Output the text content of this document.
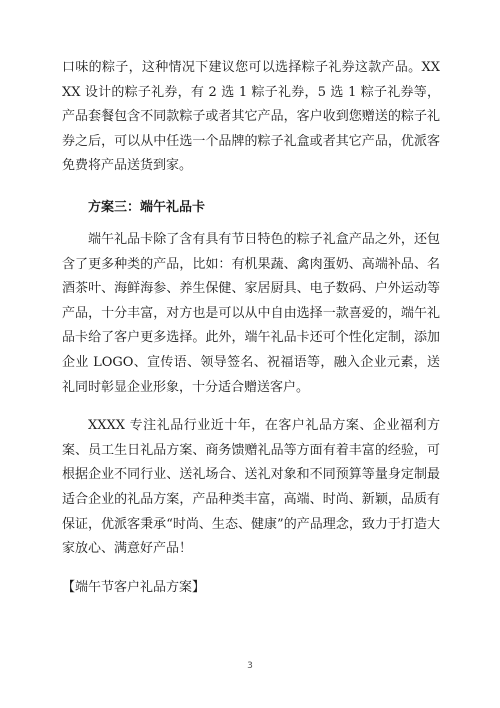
口味的粽子，这种情况下建议您可以选择粽子礼券这款产品。XXXX 设计的粽子礼券，有 2 选 1 粽子礼券，5 选 1 粽子礼券等，产品套餐包含不同款粽子或者其它产品，客户收到您赠送的粽子礼券之后，可以从中任选一个品牌的粽子礼盒或者其它产品，优派客免费将产品送货到家。

方案三：端午礼品卡

端午礼品卡除了含有具有节日特色的粽子礼盒产品之外，还包含了更多种类的产品，比如：有机果蔬、禽肉蛋奶、高端补品、名酒茶叶、海鲜海参、养生保健、家居厨具、电子数码、户外运动等产品，十分丰富，对方也是可以从中自由选择一款喜爱的，端午礼品卡给了客户更多选择。此外，端午礼品卡还可个性化定制，添加企业 LOGO、宣传语、领导签名、祝福语等，融入企业元素，送礼同时彰显企业形象，十分适合赠送客户。

XXXX 专注礼品行业近十年，在客户礼品方案、企业福利方案、员工生日礼品方案、商务馈赠礼品等方面有着丰富的经验，可根据企业不同行业、送礼场合、送礼对象和不同预算等量身定制最适合企业的礼品方案，产品种类丰富，高端、时尚、新颖，品质有保证，优派客秉承“时尚、生态、健康”的产品理念，致力于打造大家放心、满意好产品！

【端午节客户礼品方案】

3
